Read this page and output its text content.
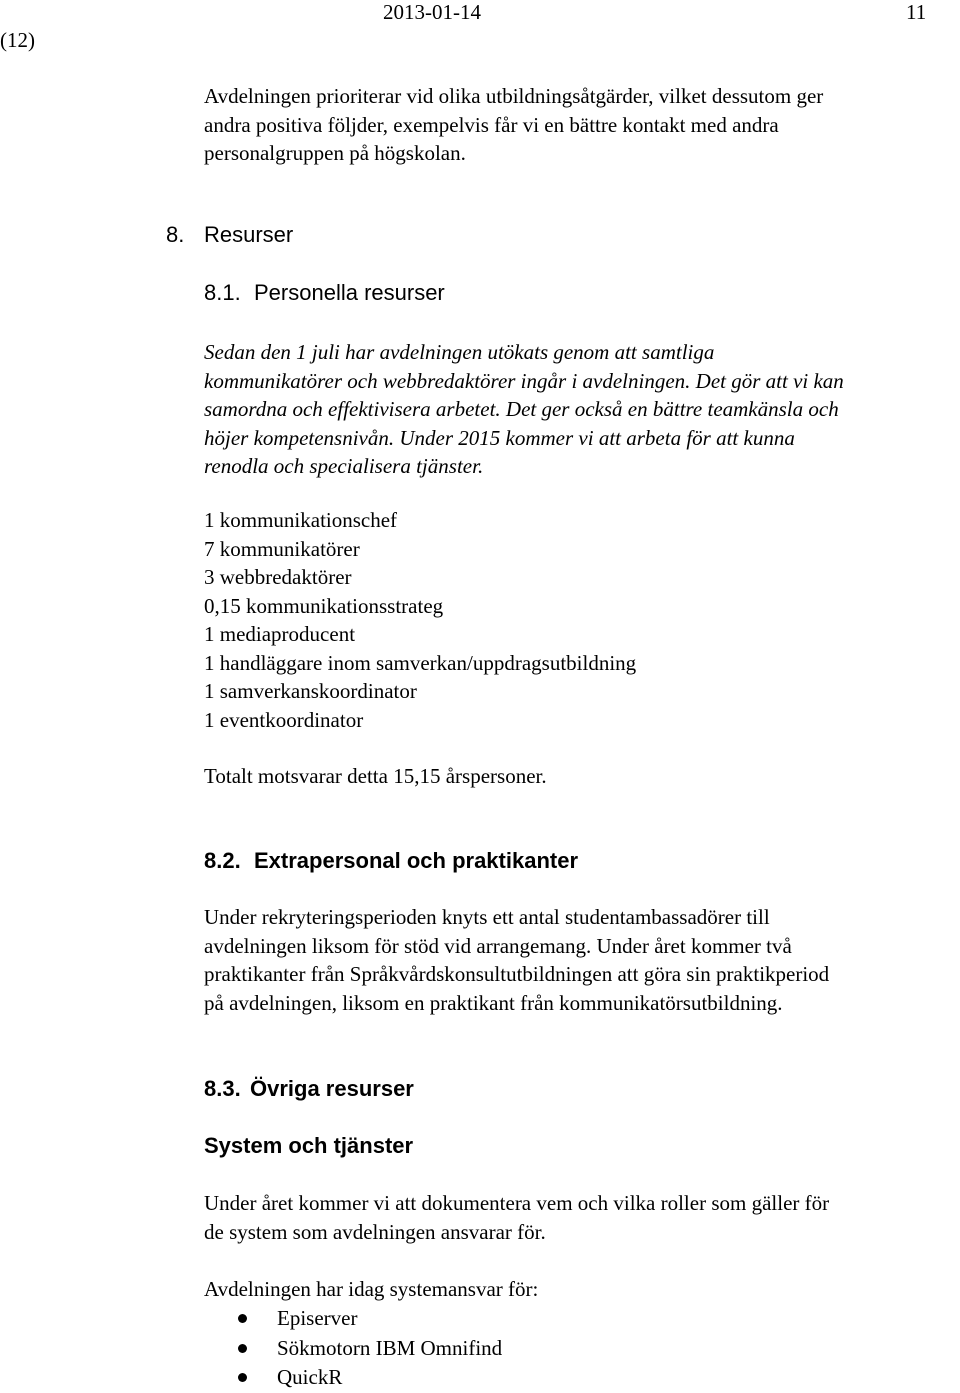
(12)
2013-01-14	11
Avdelningen prioriterar vid olika utbildningsåtgärder, vilket dessutom ger
andra positiva följder, exempelvis får vi en bättre kontakt med andra
personalgruppen på högskolan.
8. Resurser
8.1. Personella resurser
Sedan den 1 juli har avdelningen utökats genom att samtliga
kommunikatörer och webbredaktörer ingår i avdelningen. Det gör att vi kan
samordna och effektivisera arbetet. Det ger också en bättre teamkänsla och
höjer kompetensnivån. Under 2015 kommer vi att arbeta för att kunna
renodla och specialisera tjänster.
1 kommunikationschef
7 kommunikatörer
3 webbredaktörer
0,15 kommunikationsstrateg
1 mediaproducent
1 handläggare inom samverkan/uppdragsutbildning
1 samverkanskoordinator
1 eventkoordinator
Totalt motsvarar detta 15,15 årspersoner.
8.2. Extrapersonal och praktikanter
Under rekryteringsperioden knyts ett antal studentambassadörer till
avdelningen liksom för stöd vid arrangemang. Under året kommer två
praktikanter från Språkvårdskonsultutbildningen att göra sin praktikperiod
på avdelningen, liksom en praktikant från kommunikatörsutbildning.
8.3. Övriga resurser
System och tjänster
Under året kommer vi att dokumentera vem och vilka roller som gäller för
de system som avdelningen ansvarar för.
Avdelningen har idag systemansvar för:
Episerver
Sökmotorn IBM Omnifind
QuickR
